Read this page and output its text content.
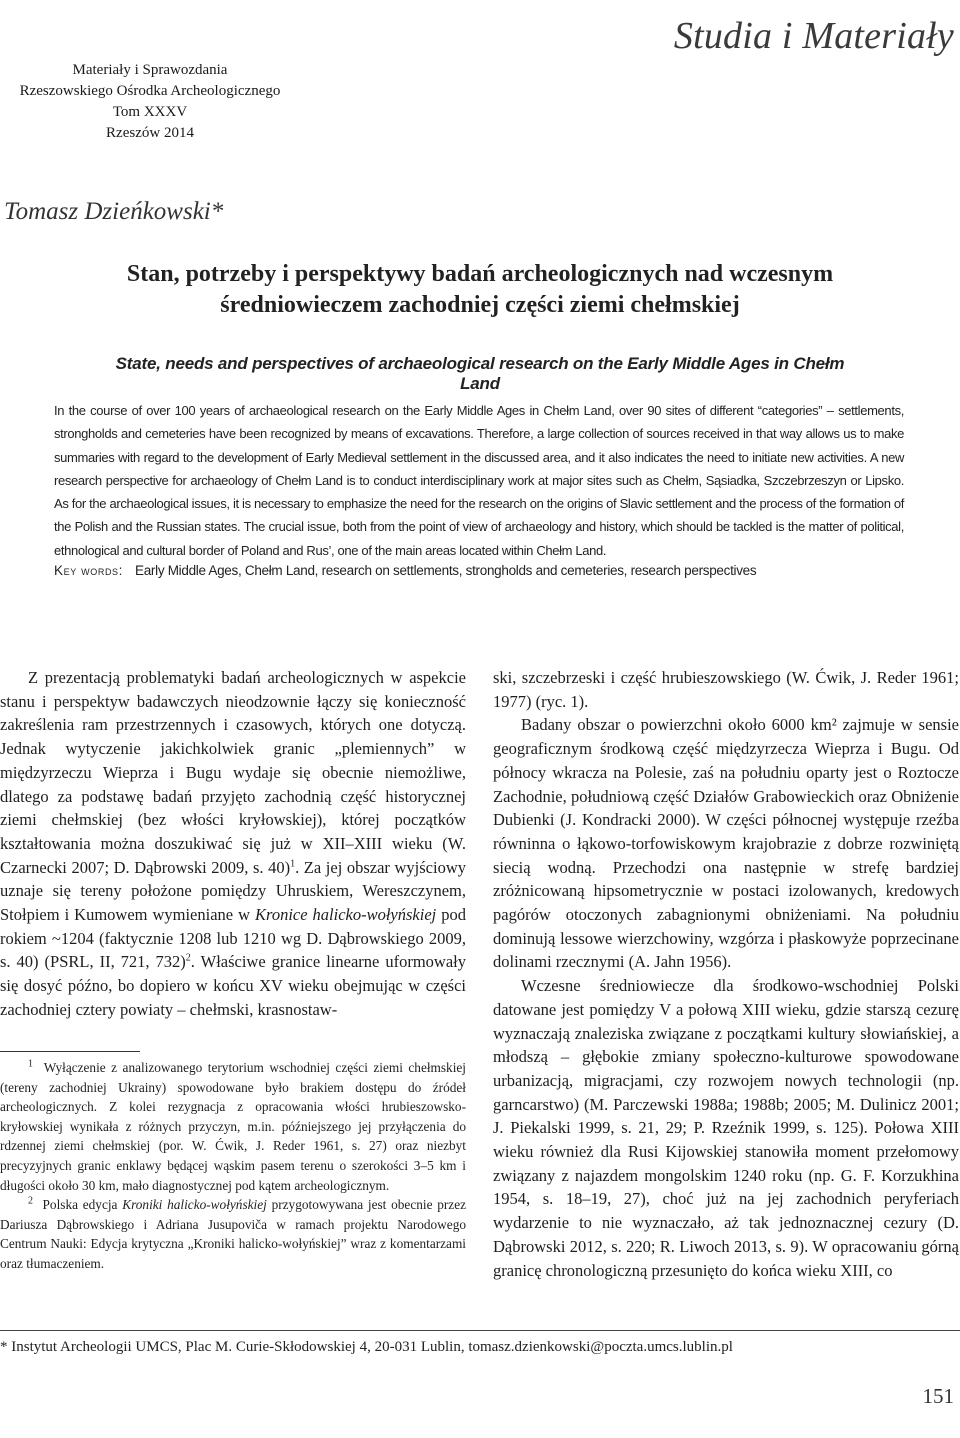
Materiały i Sprawozdania
Rzeszowskiego Ośrodka Archeologicznego
Tom XXXV
Rzeszów 2014
Studia i Materiały
Tomasz Dzieńkowski*
Stan, potrzeby i perspektywy badań archeologicznych nad wczesnym
średniowieczem zachodniej części ziemi chełmskiej
State, needs and perspectives of archaeological research on the Early Middle Ages in Chełm Land
In the course of over 100 years of archaeological research on the Early Middle Ages in Chełm Land, over 90 sites of different “categories” – settlements, strongholds and cemeteries have been recognized by means of excavations. Therefore, a large collection of sources received in that way allows us to make summaries with regard to the development of Early Medieval settlement in the discussed area, and it also indicates the need to initiate new activities. A new research perspective for archaeology of Chełm Land is to conduct interdisciplinary work at major sites such as Chełm, Sąsiadka, Szczebrzeszyn or Lipsko. As for the archaeological issues, it is necessary to emphasize the need for the research on the origins of Slavic settlement and the process of the formation of the Polish and the Russian states. The crucial issue, both from the point of view of archaeology and history, which should be tackled is the matter of political, ethnological and cultural border of Poland and Rus’, one of the main areas located within Chełm Land.
Key words: Early Middle Ages, Chełm Land, research on settlements, strongholds and cemeteries, research perspectives

Z prezentacją problematyki badań archeologicznych w aspekcie stanu i perspektyw badawczych nieodzownie łączy się konieczność zakreślenia ram przestrzennych i czasowych, których one dotyczą. Jednak wytyczenie jakichkolwiek granic „plemiennych” w międzyrzeczu Wieprza i Bugu wydaje się obecnie niemożliwe, dlatego za podstawę badań przyjęto zachodnią część historycznej ziemi chełmskiej (bez włości kryłowskiej), której początków kształtowania można doszukiwać się już w XII–XIII wieku (W. Czarnecki 2007; D. Dąbrowski 2009, s. 40)$^1$. Za jej obszar wyjściowy uznaje się tereny położone pomiędzy Uhruskiem, Wereszczynem, Stołpiem i Kumowem wymieniane w Kronice halicko-wołyńskiej pod rokiem ~1204 (faktycznie 1208 lub 1210 wg D. Dąbrowskiego 2009, s. 40) (PSRL, II, 721, 732)$^2$. Właściwe granice linearne uformowały się dosyć późno, bo dopiero w końcu XV wieku obejmując w części zachodniej cztery powiaty – chełmski, krasnostaw-

$^1$ Wyłączenie z analizowanego terytorium wschodniej części ziemi chełmskiej (tereny zachodniej Ukrainy) spowodowane było brakiem dostępu do źródeł archeologicznych. Z kolei rezygnacja z opracowania włości hrubieszowsko-kryłowskiej wynikała z różnych przyczyn, m.in. późniejszego jej przyłączenia do rdzennej ziemi chełmskiej (por. W. Ćwik, J. Reder 1961, s. 27) oraz niezbyt precyzyjnych granic enklawy będącej wąskim pasem terenu o szerokości 3–5 km i długości około 30 km, mało diagnostycznej pod kątem archeologicznym.

$^2$ Polska edycja Kroniki halicko-wołyńskiej przygotowywana jest obecnie przez Dariusza Dąbrowskiego i Adriana Jusupoviča w ramach projektu Narodowego Centrum Nauki: Edycja krytyczna „Kroniki halicko-wołyńskiej” wraz z komentarzami oraz tłumaczeniem.

ski, szczebrzeski i część hrubieszowskiego (W. Ćwik, J. Reder 1961; 1977) (ryc. 1).

Badany obszar o powierzchni około 6000 km² zajmuje w sensie geograficznym środkową część międzyrzecza Wieprza i Bugu. Od północy wkracza na Polesie, zaś na południu oparty jest o Roztocze Zachodnie, południową część Działów Grabowieckich oraz Obniżenie Dubienki (J. Kondracki 2000). W części północnej występuje rzeźba równinna o łąkowo-torfowiskowym krajobrazie z dobrze rozwiniętą siecią wodną. Przechodzi ona następnie w strefę bardziej zróżnicowaną hipsometrycznie w postaci izolowanych, kredowych pagórów otoczonych zabagnionymi obniżeniami. Na południu dominują lessowe wierzchowiny, wzgórza i płaskowyże poprzecinane dolinami rzecznymi (A. Jahn 1956).

Wczesne średniowiecze dla środkowo-wschodniej Polski datowane jest pomiędzy V a połową XIII wieku, gdzie starszą cezurę wyznaczają znaleziska związane z początkami kultury słowiańskiej, a młodszą – głębokie zmiany społeczno-kulturowe spowodowane urbanizacją, migracjami, czy rozwojem nowych technologii (np. garncarstwo) (M. Parczewski 1988a; 1988b; 2005; M. Dulinicz 2001; J. Piekalski 1999, s. 21, 29; P. Rzeźnik 1999, s. 125). Połowa XIII wieku również dla Rusi Kijowskiej stanowiła moment przełomowy związany z najazdem mongolskim 1240 roku (np. G. F. Korzukhina 1954, s. 18–19, 27), choć już na jej zachodnich peryferiach wydarzenie to nie wyznaczało, aż tak jednoznacznej cezury (D. Dąbrowski 2012, s. 220; R. Liwoch 2013, s. 9). W opracowaniu górną granicę chronologiczną przesunięto do końca wieku XIII, co

* Instytut Archeologii UMCS, Plac M. Curie-Skłodowskiej 4, 20-031 Lublin, tomasz.dzienkowski@poczta.umcs.lublin.pl
151
